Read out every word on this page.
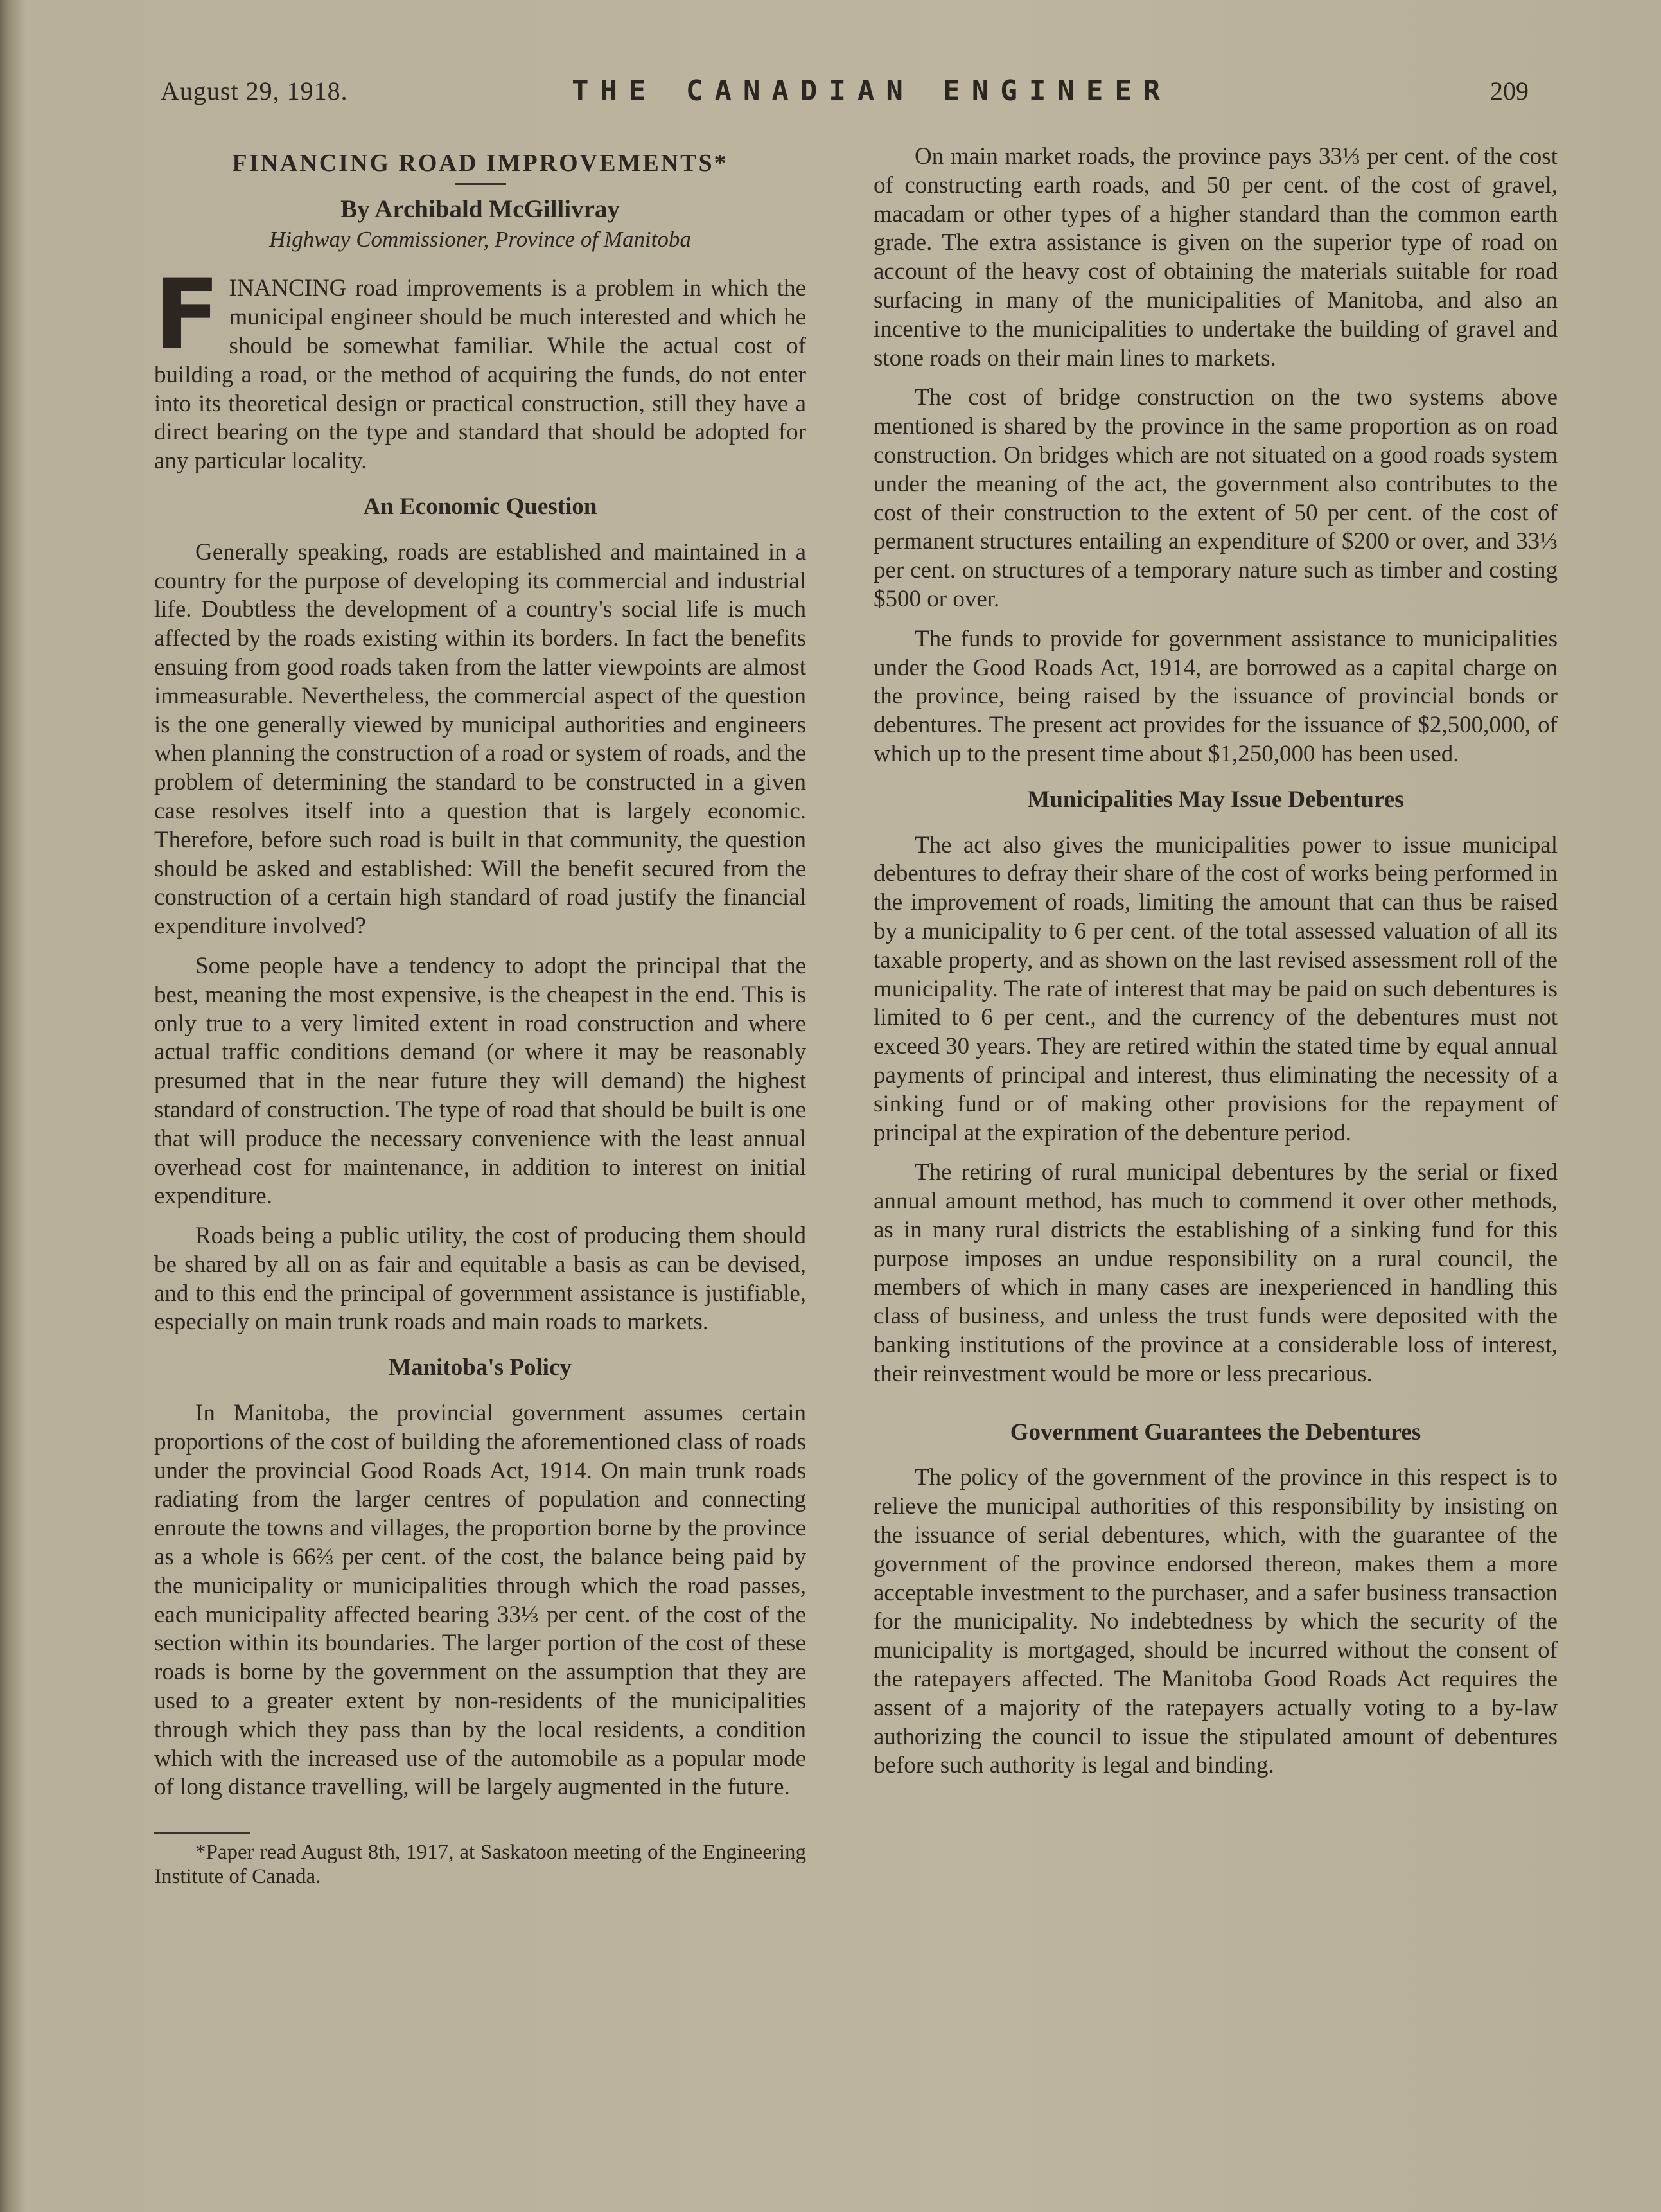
August 29, 1918.	THE CANADIAN ENGINEER	209
FINANCING ROAD IMPROVEMENTS*
By Archibald McGillivray
Highway Commissioner, Province of Manitoba

FINANCING road improvements is a problem in which the municipal engineer should be much interested and which he should be somewhat familiar. While the actual cost of building a road, or the method of acquiring the funds, do not enter into its theoretical design or practical construction, still they have a direct bearing on the type and standard that should be adopted for any particular locality.

An Economic Question

Generally speaking, roads are established and maintained in a country for the purpose of developing its commercial and industrial life. Doubtless the development of a country's social life is much affected by the roads existing within its borders. In fact the benefits ensuing from good roads taken from the latter viewpoints are almost immeasurable. Nevertheless, the commercial aspect of the question is the one generally viewed by municipal authorities and engineers when planning the construction of a road or system of roads, and the problem of determining the standard to be constructed in a given case resolves itself into a question that is largely economic. Therefore, before such road is built in that community, the question should be asked and established: Will the benefit secured from the construction of a certain high standard of road justify the financial expenditure involved?

Some people have a tendency to adopt the principal that the best, meaning the most expensive, is the cheapest in the end. This is only true to a very limited extent in road construction and where actual traffic conditions demand (or where it may be reasonably presumed that in the near future they will demand) the highest standard of construction. The type of road that should be built is one that will produce the necessary convenience with the least annual overhead cost for maintenance, in addition to interest on initial expenditure.

Roads being a public utility, the cost of producing them should be shared by all on as fair and equitable a basis as can be devised, and to this end the principal of government assistance is justifiable, especially on main trunk roads and main roads to markets.

Manitoba's Policy

In Manitoba, the provincial government assumes certain proportions of the cost of building the aforementioned class of roads under the provincial Good Roads Act, 1914. On main trunk roads radiating from the larger centres of population and connecting enroute the towns and villages, the proportion borne by the province as a whole is 66⅔ per cent. of the cost, the balance being paid by the municipality or municipalities through which the road passes, each municipality affected bearing 33⅓ per cent. of the cost of the section within its boundaries. The larger portion of the cost of these roads is borne by the government on the assumption that they are used to a greater extent by non-residents of the municipalities through which they pass than by the local residents, a condition which with the increased use of the automobile as a popular mode of long distance travelling, will be largely augmented in the future.

*Paper read August 8th, 1917, at Saskatoon meeting of the Engineering Institute of Canada.

On main market roads, the province pays 33⅓ per cent. of the cost of constructing earth roads, and 50 per cent. of the cost of gravel, macadam or other types of a higher standard than the common earth grade. The extra assistance is given on the superior type of road on account of the heavy cost of obtaining the materials suitable for road surfacing in many of the municipalities of Manitoba, and also an incentive to the municipalities to undertake the building of gravel and stone roads on their main lines to markets.

The cost of bridge construction on the two systems above mentioned is shared by the province in the same proportion as on road construction. On bridges which are not situated on a good roads system under the meaning of the act, the government also contributes to the cost of their construction to the extent of 50 per cent. of the cost of permanent structures entailing an expenditure of $200 or over, and 33⅓ per cent. on structures of a temporary nature such as timber and costing $500 or over.

The funds to provide for government assistance to municipalities under the Good Roads Act, 1914, are borrowed as a capital charge on the province, being raised by the issuance of provincial bonds or debentures. The present act provides for the issuance of $2,500,000, of which up to the present time about $1,250,000 has been used.

Municipalities May Issue Debentures

The act also gives the municipalities power to issue municipal debentures to defray their share of the cost of works being performed in the improvement of roads, limiting the amount that can thus be raised by a municipality to 6 per cent. of the total assessed valuation of all its taxable property, and as shown on the last revised assessment roll of the municipality. The rate of interest that may be paid on such debentures is limited to 6 per cent., and the currency of the debentures must not exceed 30 years. They are retired within the stated time by equal annual payments of principal and interest, thus eliminating the necessity of a sinking fund or of making other provisions for the repayment of principal at the expiration of the debenture period.

The retiring of rural municipal debentures by the serial or fixed annual amount method, has much to commend it over other methods, as in many rural districts the establishing of a sinking fund for this purpose imposes an undue responsibility on a rural council, the members of which in many cases are inexperienced in handling this class of business, and unless the trust funds were deposited with the banking institutions of the province at a considerable loss of interest, their reinvestment would be more or less precarious.

Government Guarantees the Debentures

The policy of the government of the province in this respect is to relieve the municipal authorities of this responsibility by insisting on the issuance of serial debentures, which, with the guarantee of the government of the province endorsed thereon, makes them a more acceptable investment to the purchaser, and a safer business transaction for the municipality. No indebtedness by which the security of the municipality is mortgaged, should be incurred without the consent of the ratepayers affected. The Manitoba Good Roads Act requires the assent of a majority of the ratepayers actually voting to a by-law authorizing the council to issue the stipulated amount of debentures before such authority is legal and binding.
